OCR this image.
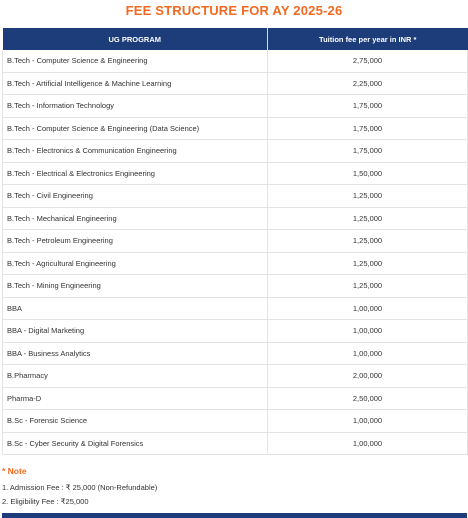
FEE STRUCTURE FOR AY 2025-26
UG PROGRAM	Tuition fee per year in INR *
B.Tech - Computer Science & Engineering	2,75,000
B.Tech - Artificial Intelligence & Machine Learning	2,25,000
B.Tech - Information Technology	1,75,000
B.Tech - Computer Science & Engineering (Data Science)	1,75,000
B.Tech - Electronics & Communication Engineering	1,75,000
B.Tech - Electrical & Electronics Engineering	1,50,000
B.Tech - Civil Engineering	1,25,000
B.Tech - Mechanical Engineering	1,25,000
B.Tech - Petroleum Engineering	1,25,000
B.Tech - Agricultural Engineering	1,25,000
B.Tech - Mining Engineering	1,25,000
BBA	1,00,000
BBA - Digital Marketing	1,00,000
BBA - Business Analytics	1,00,000
B.Pharmacy	2,00,000
Pharma-D	2,50,000
B.Sc - Forensic Science	1,00,000
B.Sc - Cyber Security & Digital Forensics	1,00,000
* Note
1. Admission Fee : ₹ 25,000 (Non-Refundable)
2. Eligibility Fee : ₹25,000
